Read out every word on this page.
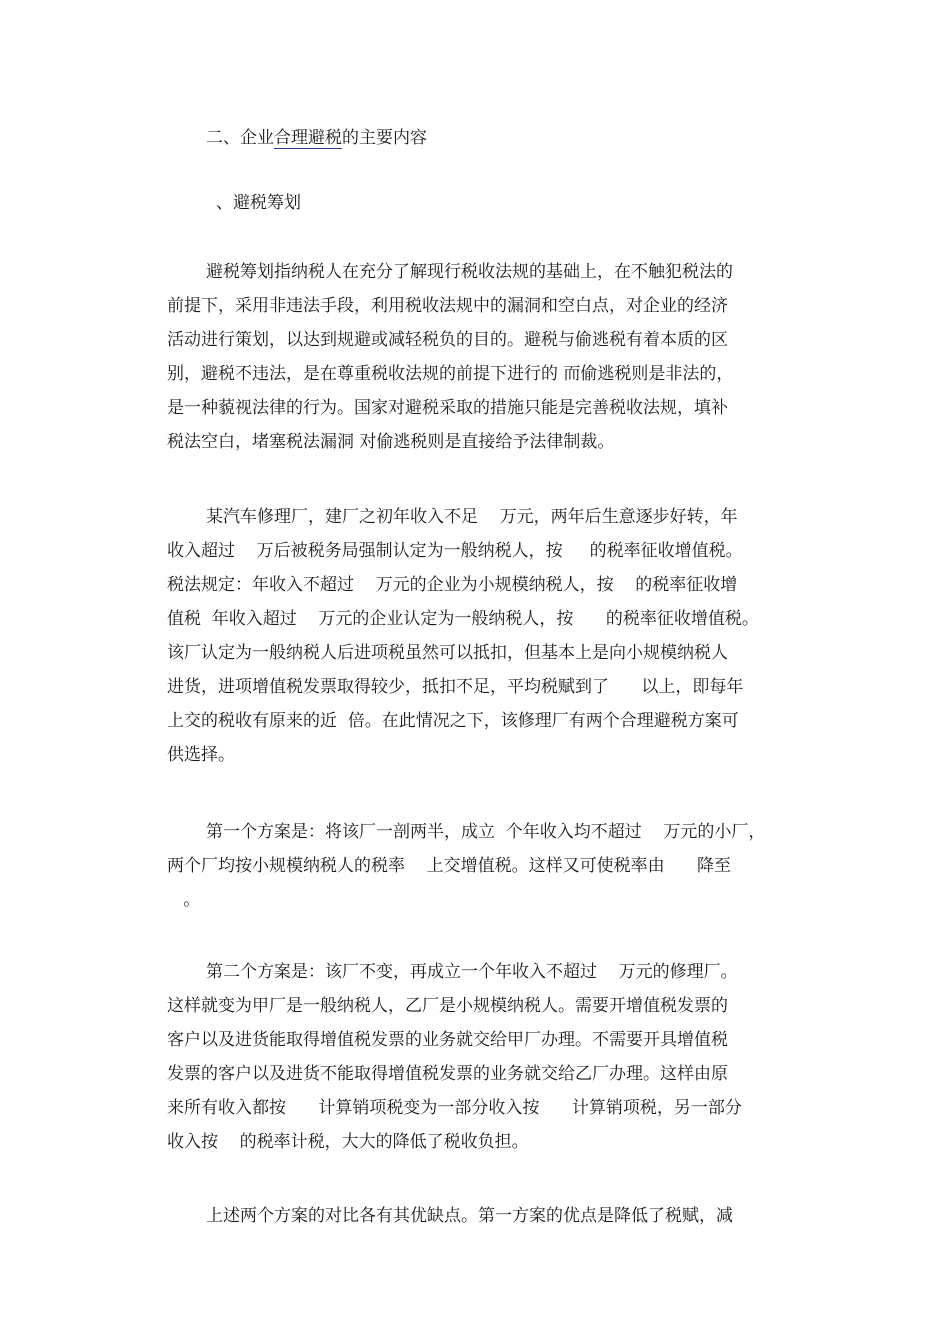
二、企业合理避税的主要内容
、避税筹划

避税筹划指纳税人在充分了解现行税收法规的基础上，在不触犯税法的

前提下，采用非违法手段，利用税收法规中的漏洞和空白点，对企业的经济

活动进行策划，以达到规避或减轻税负的目的。避税与偷逃税有着本质的区

别，避税不违法，是在尊重税收法规的前提下进行的 而偷逃税则是非法的，

是一种藐视法律的行为。国家对避税采取的措施只能是完善税收法规，填补

税法空白，堵塞税法漏洞 对偷逃税则是直接给予法律制裁。

某汽车修理厂，建厂之初年收入不足    万元，两年后生意逐步好转，年

收入超过    万后被税务局强制认定为一般纳税人，按     的税率征收增值税。

税法规定：年收入不超过    万元的企业为小规模纳税人，按    的税率征收增

值税  年收入超过    万元的企业认定为一般纳税人，按      的税率征收增值税。

该厂认定为一般纳税人后进项税虽然可以抵扣，但基本上是向小规模纳税人

进货，进项增值税发票取得较少，抵扣不足，平均税赋到了      以上，即每年

上交的税收有原来的近  倍。在此情况之下，该修理厂有两个合理避税方案可

供选择。

第一个方案是：将该厂一剖两半，成立  个年收入均不超过    万元的小厂，

两个厂均按小规模纳税人的税率    上交增值税。这样又可使税率由      降至

。

第二个方案是：该厂不变，再成立一个年收入不超过    万元的修理厂。

这样就变为甲厂是一般纳税人，乙厂是小规模纳税人。需要开增值税发票的

客户以及进货能取得增值税发票的业务就交给甲厂办理。不需要开具增值税

发票的客户以及进货不能取得增值税发票的业务就交给乙厂办理。这样由原

来所有收入都按      计算销项税变为一部分收入按      计算销项税，另一部分

收入按    的税率计税，大大的降低了税收负担。

上述两个方案的对比各有其优缺点。第一方案的优点是降低了税赋，减
